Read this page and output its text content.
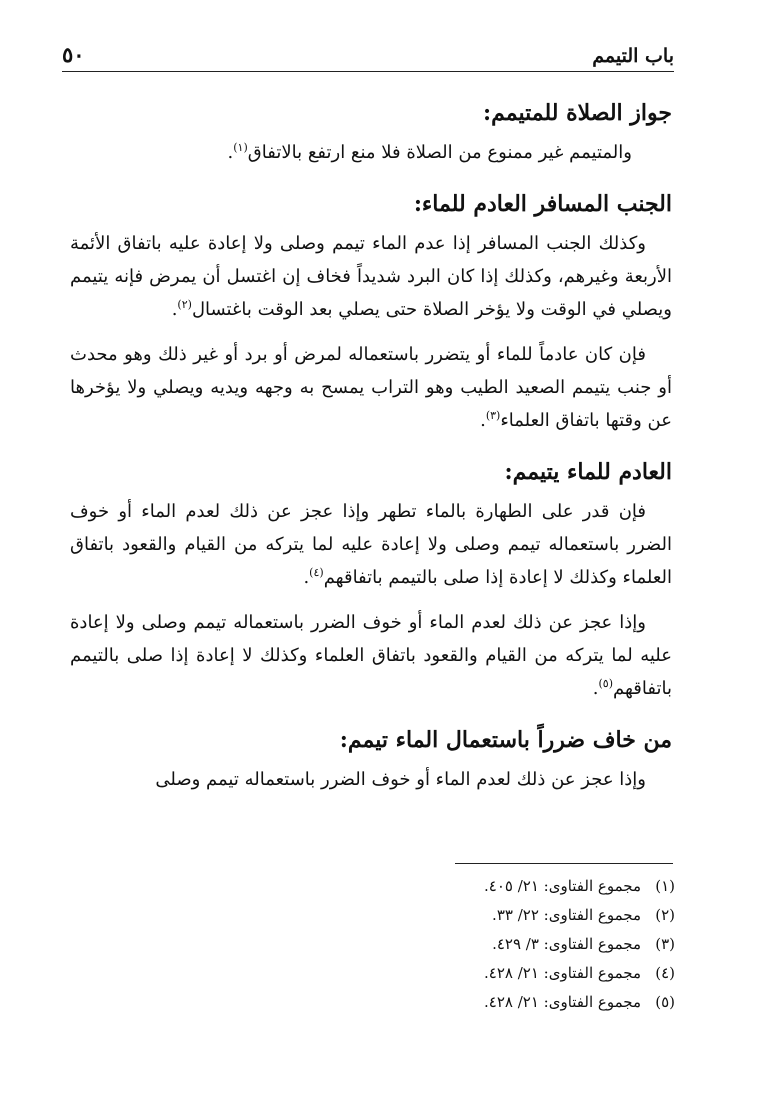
باب التيمم
٥٠
جواز الصلاة للمتيمم:

والمتيمم غير ممنوع من الصلاة فلا منع ارتفع بالاتفاق$^{(١)}$.

الجنب المسافر العادم للماء:

وكذلك الجنب المسافر إذا عدم الماء تيمم وصلى ولا إعادة عليه باتفاق الأئمة الأربعة وغيرهم، وكذلك إذا كان البرد شديداً فخاف إن اغتسل أن يمرض فإنه يتيمم ويصلي في الوقت ولا يؤخر الصلاة حتى يصلي بعد الوقت باغتسال$^{(٢)}$.

فإن كان عادماً للماء أو يتضرر باستعماله لمرض أو برد أو غير ذلك وهو محدث أو جنب يتيمم الصعيد الطيب وهو التراب يمسح به وجهه ويديه ويصلي ولا يؤخرها عن وقتها باتفاق العلماء$^{(٣)}$.

العادم للماء يتيمم:

فإن قدر على الطهارة بالماء تطهر وإذا عجز عن ذلك لعدم الماء أو خوف الضرر باستعماله تيمم وصلى ولا إعادة عليه لما يتركه من القيام والقعود باتفاق العلماء وكذلك لا إعادة إذا صلى بالتيمم باتفاقهم$^{(٤)}$.

وإذا عجز عن ذلك لعدم الماء أو خوف الضرر باستعماله تيمم وصلى ولا إعادة عليه لما يتركه من القيام والقعود باتفاق العلماء وكذلك لا إعادة إذا صلى بالتيمم باتفاقهم$^{(٥)}$.

من خاف ضرراً باستعمال الماء تيمم:

وإذا عجز عن ذلك لعدم الماء أو خوف الضرر باستعماله تيمم وصلى

(١)
مجموع الفتاوى: ٢١/ ٤٠٥.
(٢)
مجموع الفتاوى: ٢٢/ ٣٣.
(٣)
مجموع الفتاوى: ٣/ ٤٢٩.
(٤)
مجموع الفتاوى: ٢١/ ٤٢٨.
(٥)
مجموع الفتاوى: ٢١/ ٤٢٨.
